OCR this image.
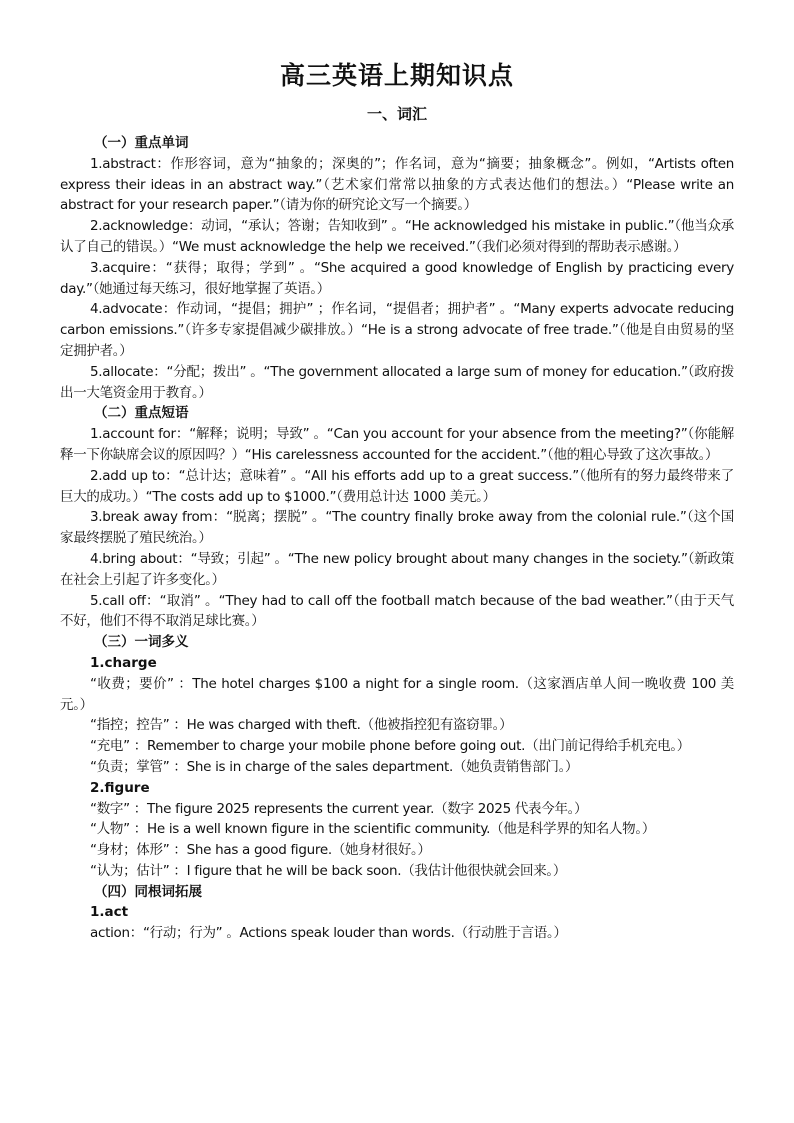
高三英语上期知识点
一、词汇
（一）重点单词

1.abstract：作形容词，意为“抽象的；深奥的”；作名词，意为“摘要；抽象概念”。例如，“Artists often express their ideas in an abstract way.”（艺术家们常常以抽象的方式表达他们的想法。）“Please write an abstract for your research paper.”（请为你的研究论文写一个摘要。）

2.acknowledge：动词，“承认；答谢；告知收到” 。“He acknowledged his mistake in public.”（他当众承认了自己的错误。）“We must acknowledge the help we received.”（我们必须对得到的帮助表示感谢。）

3.acquire：“获得；取得；学到” 。“She acquired a good knowledge of English by practicing every day.”（她通过每天练习，很好地掌握了英语。）

4.advocate：作动词，“提倡；拥护” ；作名词，“提倡者；拥护者” 。“Many experts advocate reducing carbon emissions.”（许多专家提倡减少碳排放。）“He is a strong advocate of free trade.”（他是自由贸易的坚定拥护者。）

5.allocate：“分配；拨出” 。“The government allocated a large sum of money for education.”（政府拨出一大笔资金用于教育。）

（二）重点短语

1.account for：“解释；说明；导致” 。“Can you account for your absence from the meeting?”（你能解释一下你缺席会议的原因吗？）“His carelessness accounted for the accident.”（他的粗心导致了这次事故。）

2.add up to：“总计达；意味着” 。“All his efforts add up to a great success.”（他所有的努力最终带来了巨大的成功。）“The costs add up to $1000.”（费用总计达 1000 美元。）

3.break away from：“脱离；摆脱” 。“The country finally broke away from the colonial rule.”（这个国家最终摆脱了殖民统治。）

4.bring about：“导致；引起” 。“The new policy brought about many changes in the society.”（新政策在社会上引起了许多变化。）

5.call off：“取消” 。“They had to call off the football match because of the bad weather.”（由于天气不好，他们不得不取消足球比赛。）

（三）一词多义
1.charge

“收费；要价” ：The hotel charges $100 a night for a single room.（这家酒店单人间一晚收费 100 美元。）

“指控；控告” ：He was charged with theft.（他被指控犯有盗窃罪。）

“充电” ：Remember to charge your mobile phone before going out.（出门前记得给手机充电。）

“负责；掌管” ：She is in charge of the sales department.（她负责销售部门。）

2.figure

“数字” ：The figure 2025 represents the current year.（数字 2025 代表今年。）

“人物” ：He is a well known figure in the scientific community.（他是科学界的知名人物。）

“身材；体形” ：She has a good figure.（她身材很好。）

“认为；估计” ：I figure that he will be back soon.（我估计他很快就会回来。）

（四）同根词拓展
1.act

action：“行动；行为” 。Actions speak louder than words.（行动胜于言语。）
